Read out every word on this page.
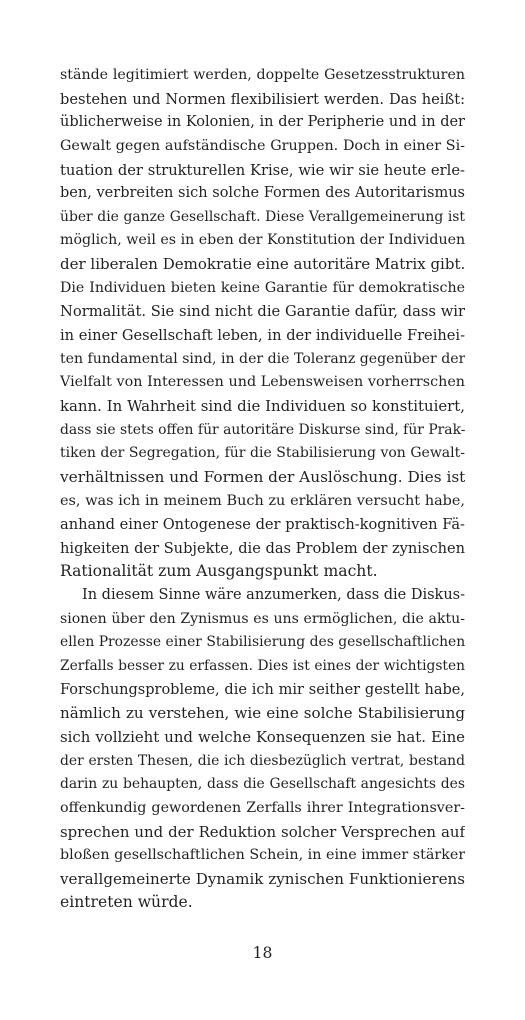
stände legitimiert werden, doppelte Gesetzesstrukturen
bestehen und Normen flexibilisiert werden. Das heißt:
üblicherweise in Kolonien, in der Peripherie und in der
Gewalt gegen aufständische Gruppen. Doch in einer Si-
tuation der strukturellen Krise, wie wir sie heute erle-
ben, verbreiten sich solche Formen des Autoritarismus
über die ganze Gesellschaft. Diese Verallgemeinerung ist
möglich, weil es in eben der Konstitution der Individuen
der liberalen Demokratie eine autoritäre Matrix gibt.
Die Individuen bieten keine Garantie für demokratische
Normalität. Sie sind nicht die Garantie dafür, dass wir
in einer Gesellschaft leben, in der individuelle Freihei-
ten fundamental sind, in der die Toleranz gegenüber der
Vielfalt von Interessen und Lebensweisen vorherrschen
kann. In Wahrheit sind die Individuen so konstituiert,
dass sie stets offen für autoritäre Diskurse sind, für Prak-
tiken der Segregation, für die Stabilisierung von Gewalt-
verhältnissen und Formen der Auslöschung. Dies ist
es, was ich in meinem Buch zu erklären versucht habe,
anhand einer Ontogenese der praktisch-kognitiven Fä-
higkeiten der Subjekte, die das Problem der zynischen
Rationalität zum Ausgangspunkt macht.
In diesem Sinne wäre anzumerken, dass die Diskus-
sionen über den Zynismus es uns ermöglichen, die aktu-
ellen Prozesse einer Stabilisierung des gesellschaftlichen
Zerfalls besser zu erfassen. Dies ist eines der wichtigsten
Forschungsprobleme, die ich mir seither gestellt habe,
nämlich zu verstehen, wie eine solche Stabilisierung
sich vollzieht und welche Konsequenzen sie hat. Eine
der ersten Thesen, die ich diesbezüglich vertrat, bestand
darin zu behaupten, dass die Gesellschaft angesichts des
offenkundig gewordenen Zerfalls ihrer Integrationsver-
sprechen und der Reduktion solcher Versprechen auf
bloßen gesellschaftlichen Schein, in eine immer stärker
verallgemeinerte Dynamik zynischen Funktionierens
eintreten würde.
18
